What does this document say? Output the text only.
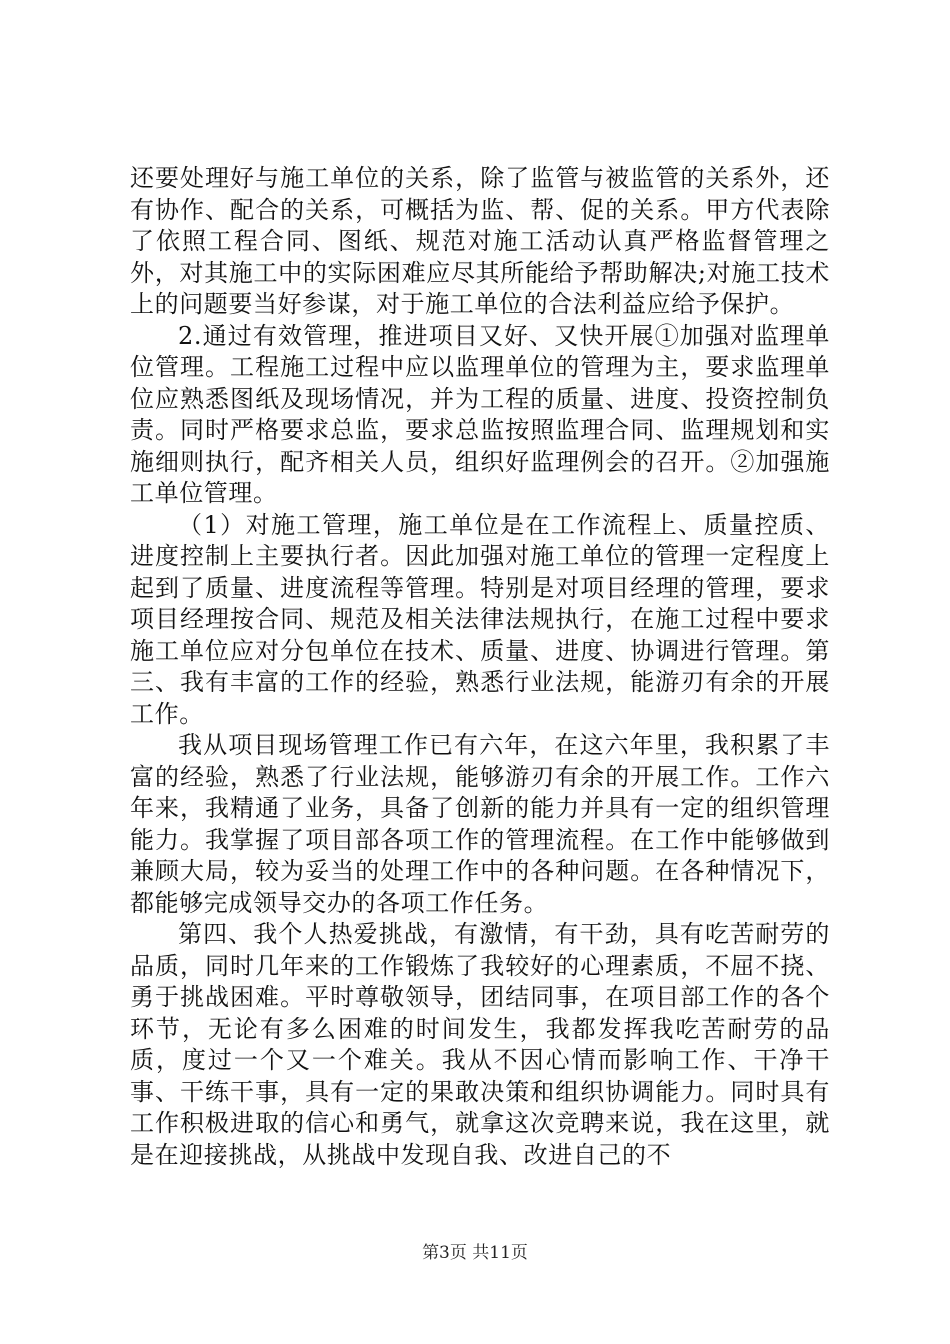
还要处理好与施工单位的关系，除了监管与被监管的关系外，还有协作、配合的关系，可概括为监、帮、促的关系。甲方代表除了依照工程合同、图纸、规范对施工活动认真严格监督管理之外，对其施工中的实际困难应尽其所能给予帮助解决;对施工技术上的问题要当好参谋，对于施工单位的合法利益应给予保护。

2.通过有效管理，推进项目又好、又快开展①加强对监理单位管理。工程施工过程中应以监理单位的管理为主，要求监理单位应熟悉图纸及现场情况，并为工程的质量、进度、投资控制负责。同时严格要求总监，要求总监按照监理合同、监理规划和实施细则执行，配齐相关人员，组织好监理例会的召开。②加强施工单位管理。

（1）对施工管理，施工单位是在工作流程上、质量控质、进度控制上主要执行者。因此加强对施工单位的管理一定程度上起到了质量、进度流程等管理。特别是对项目经理的管理，要求项目经理按合同、规范及相关法律法规执行，在施工过程中要求施工单位应对分包单位在技术、质量、进度、协调进行管理。第三、我有丰富的工作的经验，熟悉行业法规，能游刃有余的开展工作。

我从项目现场管理工作已有六年，在这六年里，我积累了丰富的经验，熟悉了行业法规，能够游刃有余的开展工作。工作六年来，我精通了业务，具备了创新的能力并具有一定的组织管理能力。我掌握了项目部各项工作的管理流程。在工作中能够做到兼顾大局，较为妥当的处理工作中的各种问题。在各种情况下，都能够完成领导交办的各项工作任务。

第四、我个人热爱挑战，有激情，有干劲，具有吃苦耐劳的品质，同时几年来的工作锻炼了我较好的心理素质，不屈不挠、勇于挑战困难。平时尊敬领导，团结同事，在项目部工作的各个环节，无论有多么困难的时间发生，我都发挥我吃苦耐劳的品质，度过一个又一个难关。我从不因心情而影响工作、干净干事、干练干事，具有一定的果敢决策和组织协调能力。同时具有工作积极进取的信心和勇气，就拿这次竞聘来说，我在这里，就是在迎接挑战，从挑战中发现自我、改进自己的不

第3页 共11页
